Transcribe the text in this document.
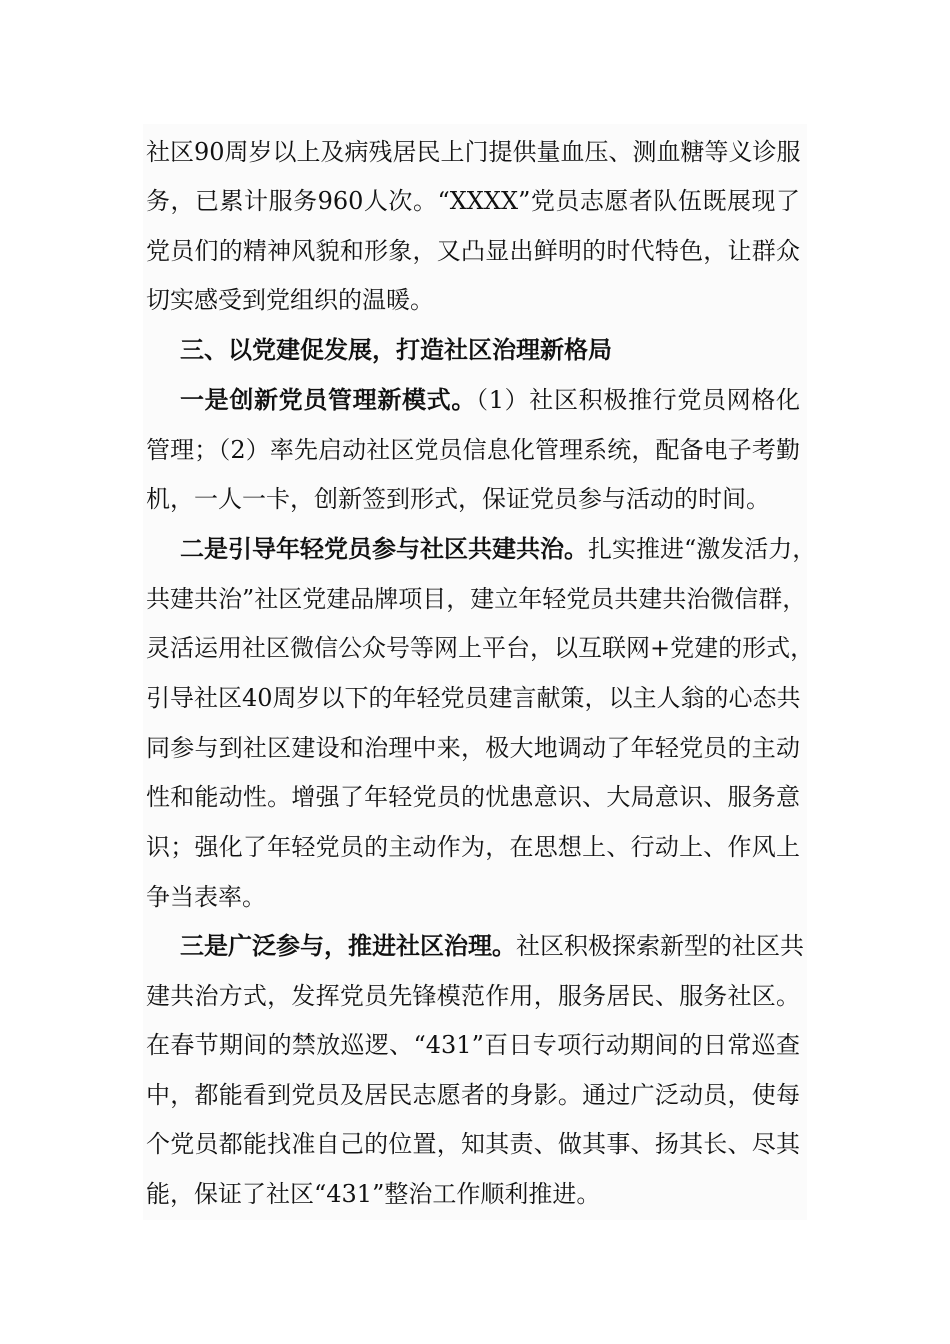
社区90周岁以上及病残居民上门提供量血压、测血糖等义诊服
务，已累计服务960人次。“XXXX”党员志愿者队伍既展现了
党员们的精神风貌和形象，又凸显出鲜明的时代特色，让群众
切实感受到党组织的温暖。
三、以党建促发展，打造社区治理新格局
一是创新党员管理新模式。（1）社区积极推行党员网格化
管理；（2）率先启动社区党员信息化管理系统，配备电子考勤
机，一人一卡，创新签到形式，保证党员参与活动的时间。
二是引导年轻党员参与社区共建共治。扎实推进“激发活力，
共建共治”社区党建品牌项目，建立年轻党员共建共治微信群，
灵活运用社区微信公众号等网上平台，以互联网+党建的形式，
引导社区40周岁以下的年轻党员建言献策，以主人翁的心态共
同参与到社区建设和治理中来，极大地调动了年轻党员的主动
性和能动性。增强了年轻党员的忧患意识、大局意识、服务意
识；强化了年轻党员的主动作为，在思想上、行动上、作风上
争当表率。
三是广泛参与，推进社区治理。社区积极探索新型的社区共
建共治方式，发挥党员先锋模范作用，服务居民、服务社区。
在春节期间的禁放巡逻、“431”百日专项行动期间的日常巡查
中，都能看到党员及居民志愿者的身影。通过广泛动员，使每
个党员都能找准自己的位置，知其责、做其事、扬其长、尽其
能，保证了社区“431”整治工作顺利推进。
